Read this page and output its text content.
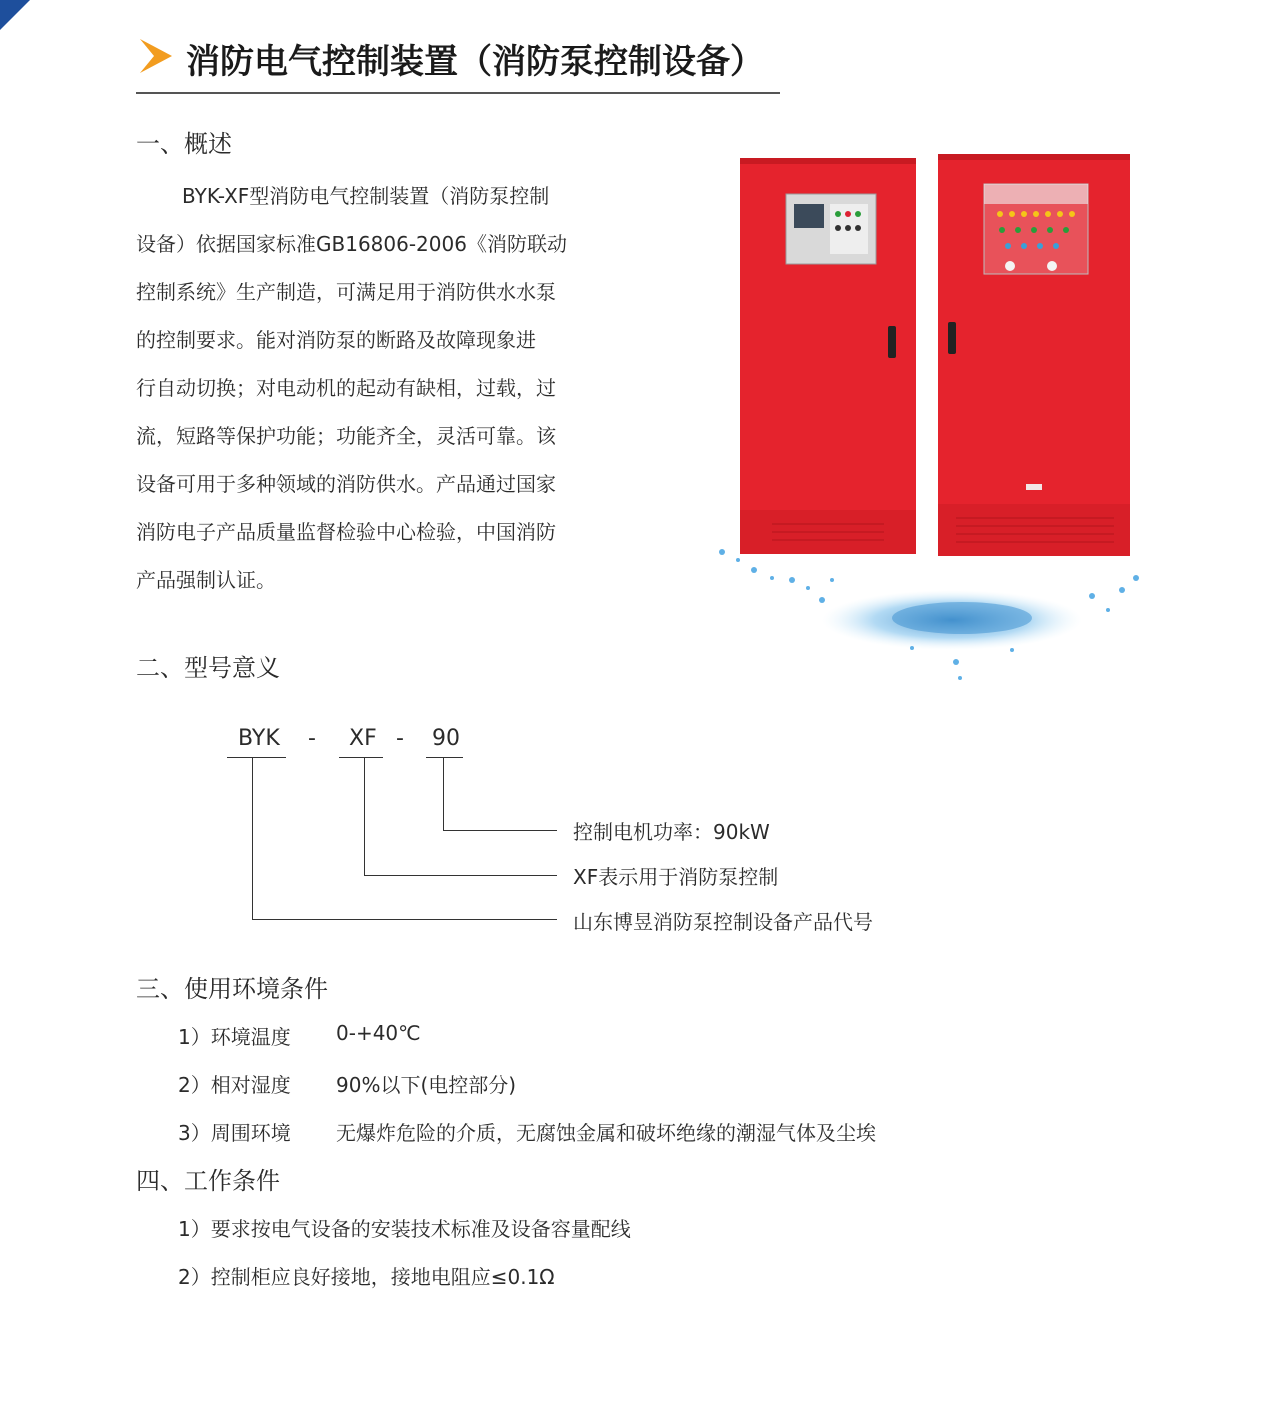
消防电气控制装置（消防泵控制设备）
一、概述
BYK-XF型消防电气控制装置（消防泵控制
设备）依据国家标准GB16806-2006《消防联动
控制系统》生产制造，可满足用于消防供水水泵
的控制要求。能对消防泵的断路及故障现象进
行自动切换；对电动机的起动有缺相，过载，过
流，短路等保护功能；功能齐全，灵活可靠。该
设备可用于多种领域的消防供水。产品通过国家
消防电子产品质量监督检验中心检验，中国消防
产品强制认证。
二、型号意义
BYK - XF - 90
控制电机功率：90kW
XF表示用于消防泵控制
山东博昱消防泵控制设备产品代号
三、使用环境条件
1）环境温度 0-+40℃
2）相对湿度 90%以下(电控部分)
3）周围环境 无爆炸危险的介质，无腐蚀金属和破坏绝缘的潮湿气体及尘埃
四、工作条件
1）要求按电气设备的安装技术标准及设备容量配线
2）控制柜应良好接地，接地电阻应≤0.1Ω
